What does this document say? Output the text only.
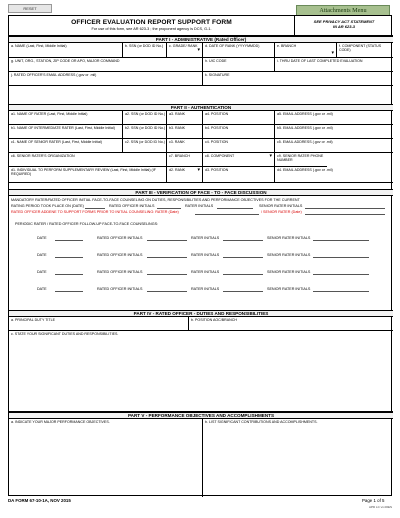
RESET	Attachments Menu
OFFICER EVALUATION REPORT SUPPORT FORM
For use of this form, see AR 623-3 ; the proponent agency is DCS, G-1.
SEE PRIVACY ACT STATEMENT
IN AR 623-3
PART I - ADMINISTRATIVE (Rated Officer)
a. NAME (Last, First, Middle Initial)	b. SSN (or DOD ID No.)	c. GRADE/ RANK
▾
d. DATE OF RANK (YYYYMMDD)	e. BRANCH
▾
f. COMPONENT (STATUS CODE)
g. UNIT, ORG., STATION, ZIP CODE OR APO, MAJOR COMMAND	h. UIC CODE	i. THRU DATE OF LAST COMPLETED EVALUATION
j. RATED OFFICER'S EMAIL ADDRESS (.gov or .mil)	k. SIGNATURE
PART II - AUTHENTICATION
a1. NAME OF RATER (Last, First, Middle Initial)	a2. SSN (or DOD ID No.)	a3. RANK	a4. POSITION	a5. EMAIL ADDRESS (.gov or .mil)
b1. NAME OF INTERMEDIATE RATER (Last, First, Middle Initial)	b2. SSN (or DOD ID No.)	b3. RANK	b4. POSITION	b5. EMAIL ADDRESS (.gov or .mil)
c1. NAME OF SENIOR RATER (Last, First, Middle Initial)	c2. SSN (or DOD ID No.)	c3. RANK	c4. POSITION	c5. EMAIL ADDRESS (.gov or .mil)
c6. SENIOR RATER'S ORGANIZATION	c7. BRANCH	c8. COMPONENT	▾	c9. SENIOR RATER PHONE NUMBER
d1. INDIVIDUAL TO PERFORM SUPPLEMENTARY REVIEW (Last, First, Middle Initial) (IF REQUIRED)
d2. RANK	▾	d3. POSITION	d4. EMAIL ADDRESS (.gov or .mil)
PART III - VERIFICATION OF FACE - TO - FACE DISCUSSION
MANDATORY RATER/RATED OFFICER INITIAL FACE-TO-FACE COUNSELING ON DUTIES, RESPONSIBILITIES AND PERFORMANCE OBJECTIVES FOR THE CURRENT
RATING PERIOD TOOK PLACE ON (DATE)	RATED OFFICER INITIALS	RATER INITIALS	SENIOR RATER INITIALS
RATED OFFICER ADDENE TO SUPPORT FORMS PRIOR TO INITIAL COUNSELING: RATER (Date)	/ SENIOR RATER (Date)
PERIODIC RATER / RATED OFFICER FOLLOW-UP FACE-TO-FACE COUNSELINGS:
DATE	RATED OFFICER INITIALS	RATER INITIALS	SENIOR RATER INITIALS
DATE	RATED OFFICER INITIALS	RATER INITIALS	SENIOR RATER INITIALS
DATE	RATED OFFICER INITIALS	RATER INITIALS	SENIOR RATER INITIALS
DATE	RATED OFFICER INITIALS	RATER INITIALS	SENIOR RATER INITIALS
PART IV - RATED OFFICER - DUTIES AND RESPONSIBILITIES
a. PRINCIPAL DUTY TITLE	b. POSITION AOC/BRANCH
c. STATE YOUR SIGNIFICANT DUTIES AND RESPONSIBILITIES.
PART V - PERFORMANCE OBJECTIVES AND ACCOMPLISHMENTS
a. INDICATE YOUR MAJOR PERFORMANCE OBJECTIVES.	b. LIST SIGNIFICANT CONTRIBUTIONS AND ACCOMPLISHMENTS.
DA FORM 67-10-1A, NOV 2015	Page 1 of 5
APD LC v1.00ES
